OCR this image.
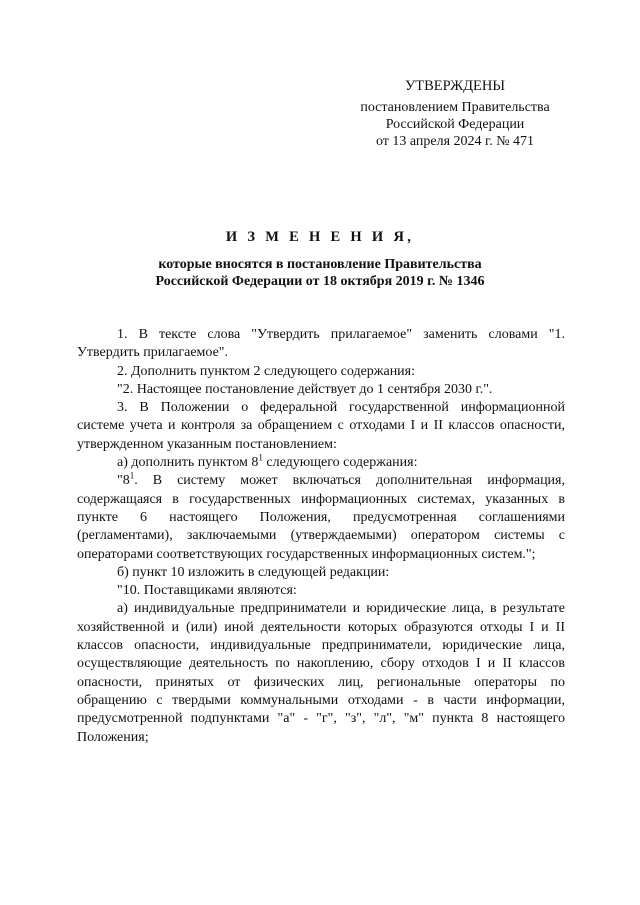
УТВЕРЖДЕНЫ
постановлением Правительства
Российской Федерации
от 13 апреля 2024 г. № 471
И З М Е Н Е Н И Я,
которые вносятся в постановление Правительства
Российской Федерации от 18 октября 2019 г. № 1346

1. В тексте слова "Утвердить прилагаемое" заменить словами "1. Утвердить прилагаемое".

2. Дополнить пунктом 2 следующего содержания:

"2. Настоящее постановление действует до 1 сентября 2030 г.".

3. В Положении о федеральной государственной информационной системе учета и контроля за обращением с отходами I и II классов опасности, утвержденном указанным постановлением:

а) дополнить пунктом $8^1$ следующего содержания:

"$8^1$. В систему может включаться дополнительная информация, содержащаяся в государственных информационных системах, указанных в пункте 6 настоящего Положения, предусмотренная соглашениями (регламентами), заключаемыми (утверждаемыми) оператором системы с операторами соответствующих государственных информационных систем.";

б) пункт 10 изложить в следующей редакции:

"10. Поставщиками являются:

а) индивидуальные предприниматели и юридические лица, в результате хозяйственной и (или) иной деятельности которых образуются отходы I и II классов опасности, индивидуальные предприниматели, юридические лица, осуществляющие деятельность по накоплению, сбору отходов I и II классов опасности, принятых от физических лиц, региональные операторы по обращению с твердыми коммунальными отходами - в части информации, предусмотренной подпунктами "а" - "г", "з", "л", "м" пункта 8 настоящего Положения;
